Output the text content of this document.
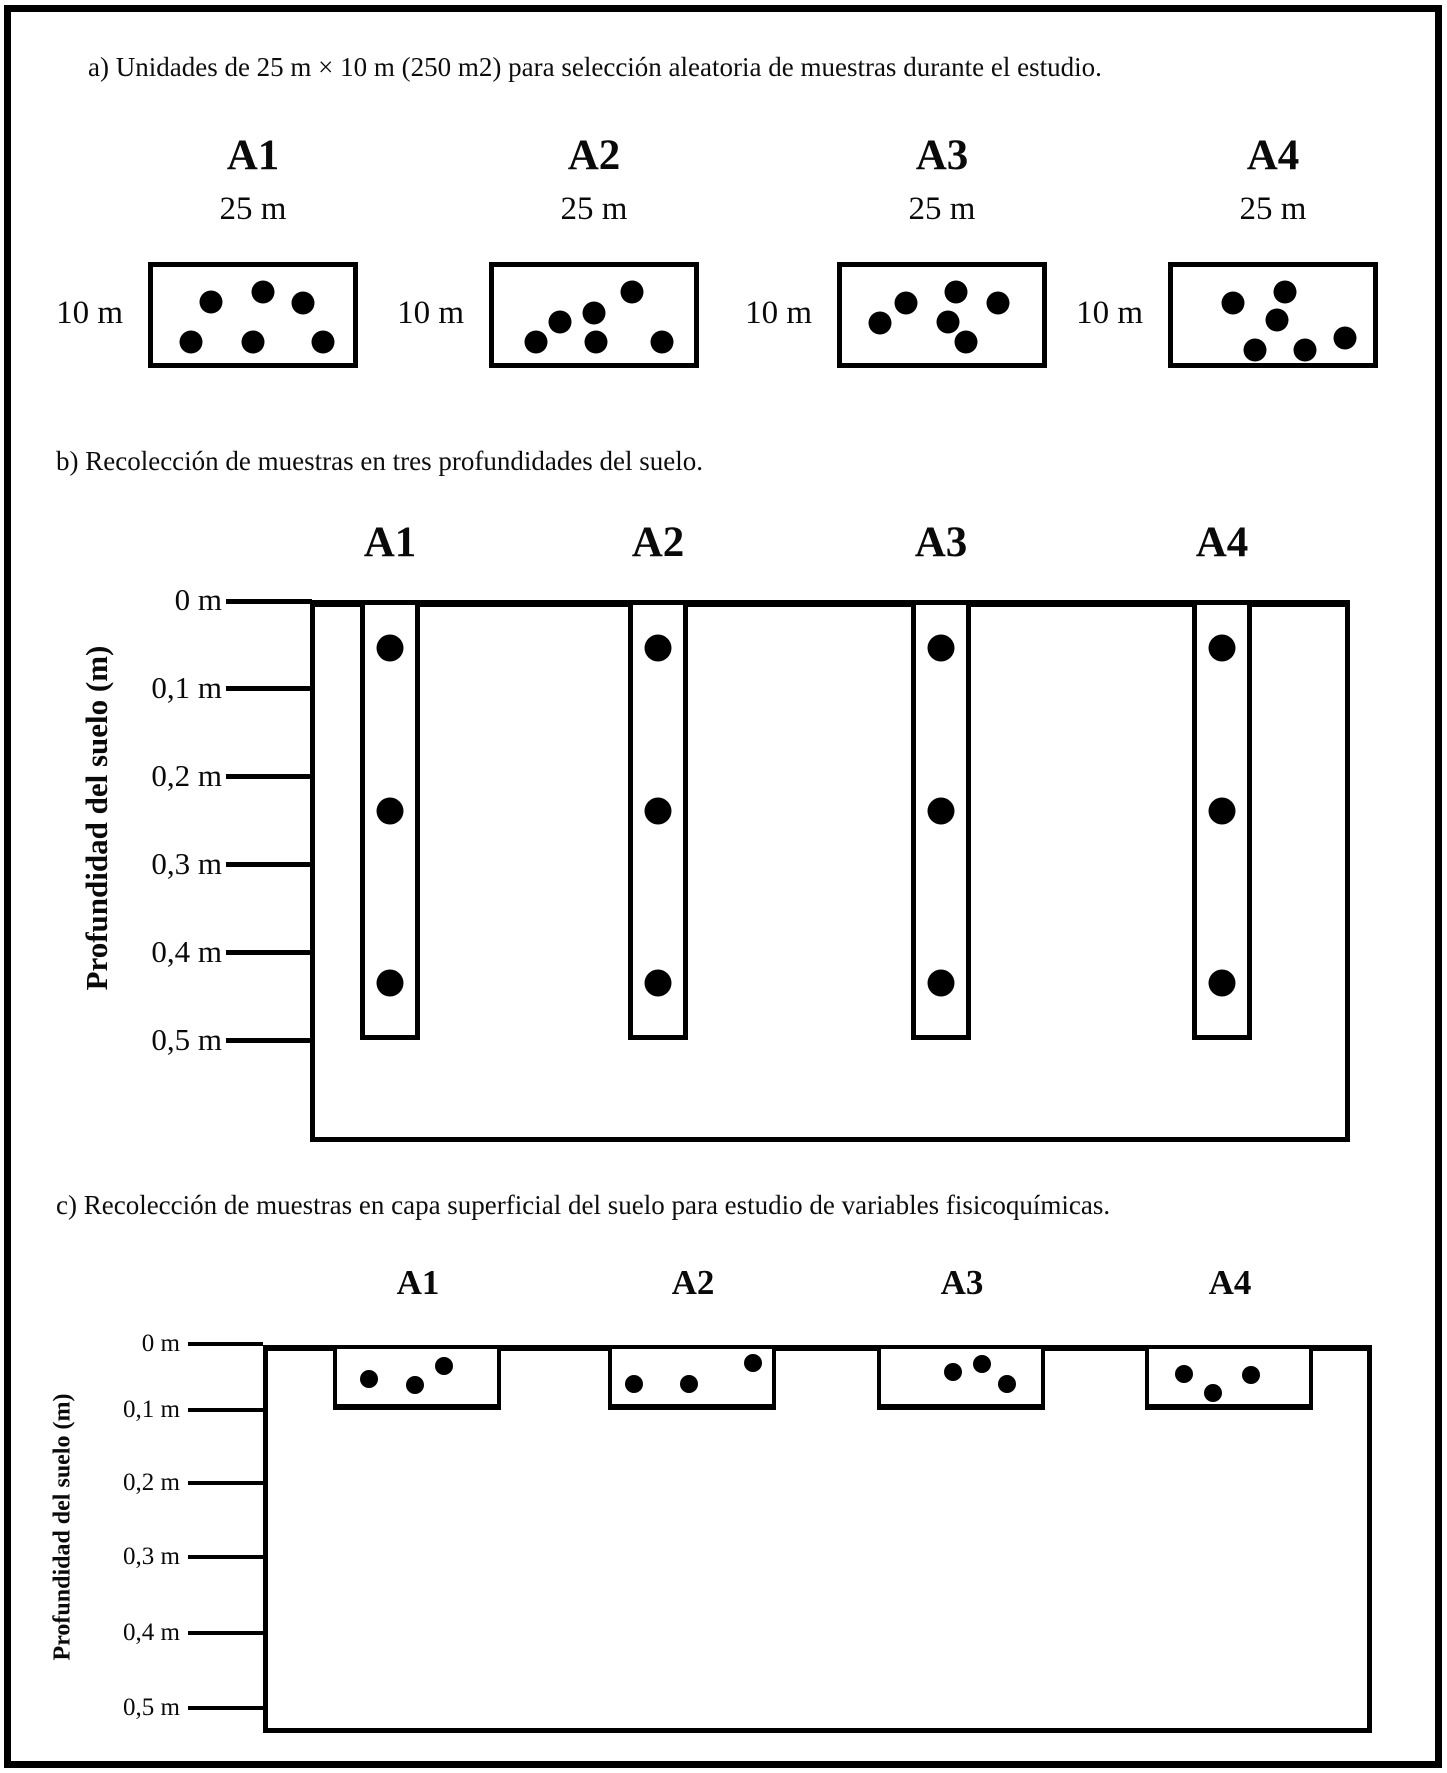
a) Unidades de 25 m × 10 m (250 m2) para selección aleatoria de muestras durante el estudio.
A1
25 m
10 m
A2
25 m
10 m
A3
25 m
10 m
A4
25 m
10 m
b) Recolección de muestras en tres profundidades del suelo.
Profundidad del suelo (m)
0 m
0,1 m
0,2 m
0,3 m
0,4 m
0,5 m
A1	A2	A3	A4
c) Recolección de muestras en capa superficial del suelo para estudio de variables fisicoquímicas.
Profundidad del suelo (m)
0 m
0,1 m
0,2 m
0,3 m
0,4 m
0,5 m
A1	A2	A3	A4
